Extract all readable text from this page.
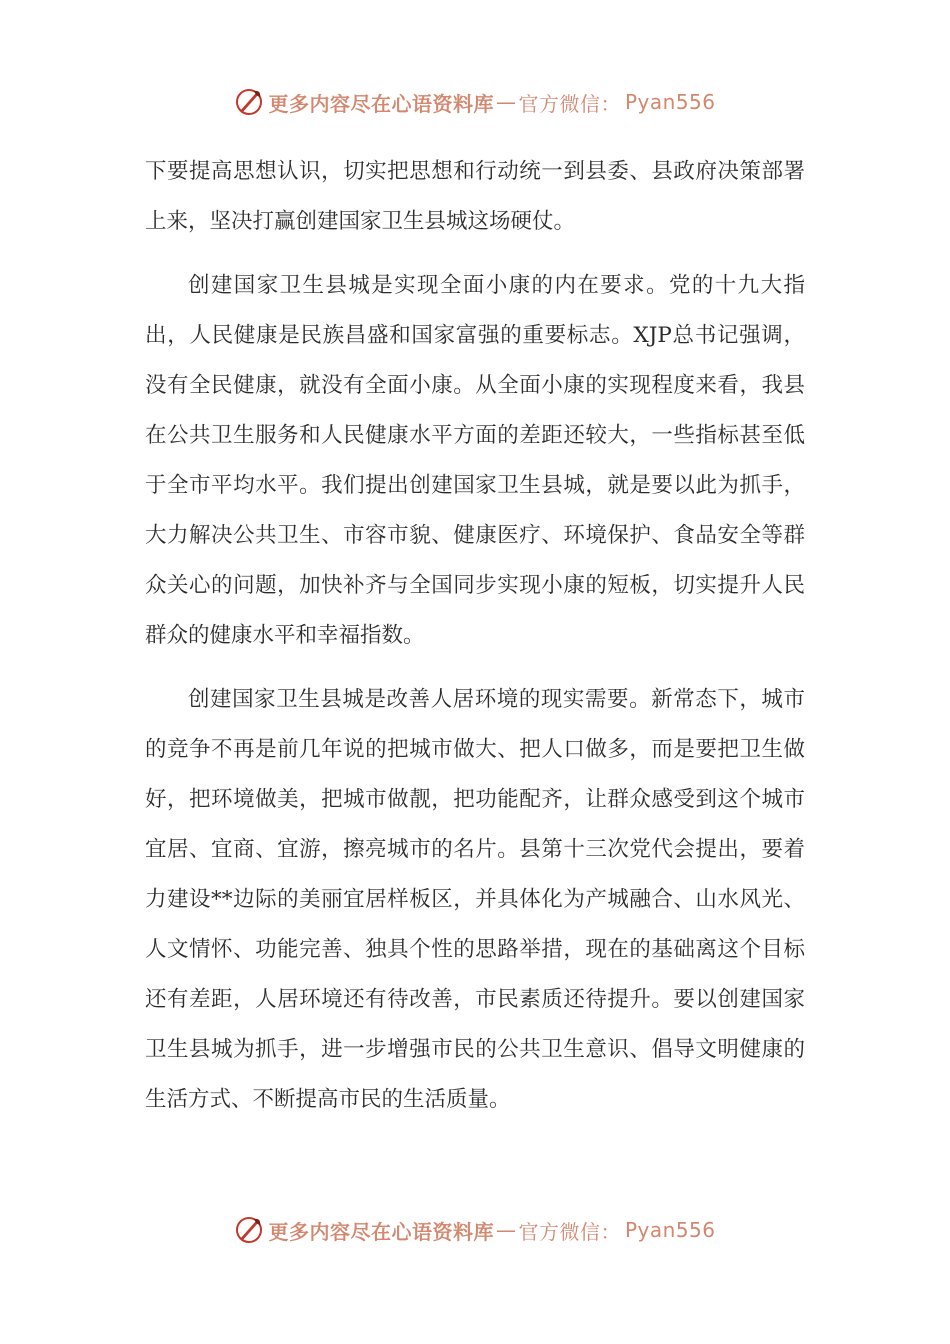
更多内容尽在心语资料库 — 官方微信： Pyan556

下要提高思想认识，切实把思想和行动统一到县委、县政府决策部署上来，坚决打赢创建国家卫生县城这场硬仗。

创建国家卫生县城是实现全面小康的内在要求。党的十九大指出，人民健康是民族昌盛和国家富强的重要标志。XJP总书记强调，没有全民健康，就没有全面小康。从全面小康的实现程度来看，我县在公共卫生服务和人民健康水平方面的差距还较大，一些指标甚至低于全市平均水平。我们提出创建国家卫生县城，就是要以此为抓手，大力解决公共卫生、市容市貌、健康医疗、环境保护、食品安全等群众关心的问题，加快补齐与全国同步实现小康的短板，切实提升人民群众的健康水平和幸福指数。

创建国家卫生县城是改善人居环境的现实需要。新常态下，城市的竞争不再是前几年说的把城市做大、把人口做多，而是要把卫生做好，把环境做美，把城市做靓，把功能配齐，让群众感受到这个城市宜居、宜商、宜游，擦亮城市的名片。县第十三次党代会提出，要着力建设**边际的美丽宜居样板区，并具体化为产城融合、山水风光、人文情怀、功能完善、独具个性的思路举措，现在的基础离这个目标还有差距，人居环境还有待改善，市民素质还待提升。要以创建国家卫生县城为抓手，进一步增强市民的公共卫生意识、倡导文明健康的生活方式、不断提高市民的生活质量。

更多内容尽在心语资料库 — 官方微信： Pyan556
